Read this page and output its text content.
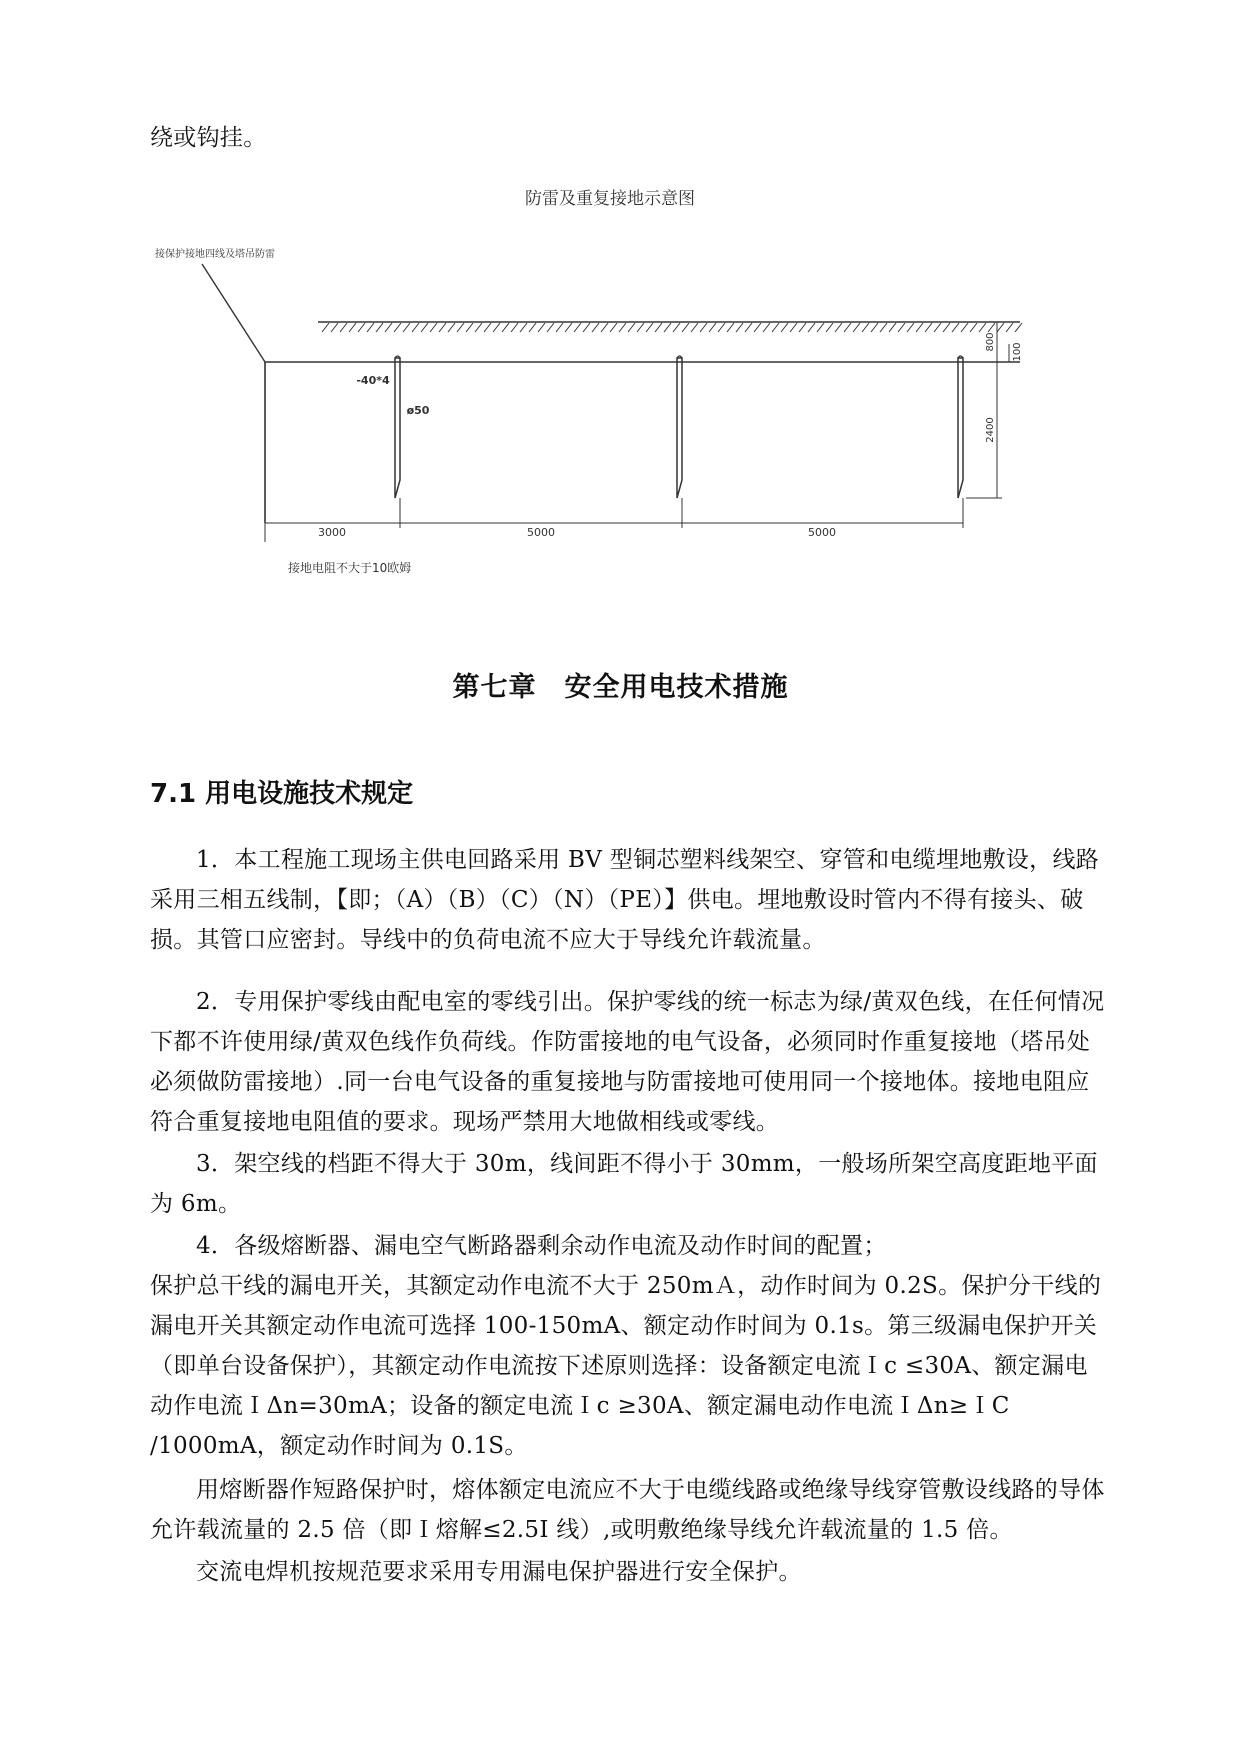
绕或钩挂。
防雷及重复接地示意图
接保护接地四线及塔吊防雷
-40*4
ø50
800
100
2400
3000	5000	5000
接地电阻不大于10欧姆
第七章　安全用电技术措施
7.1 用电设施技术规定
1．本工程施工现场主供电回路采用 BV 型铜芯塑料线架空、穿管和电缆埋地敷设，线路采用三相五线制，【即；（A）（B）（C）（N）（PE）】供电。埋地敷设时管内不得有接头、破损。其管口应密封。导线中的负荷电流不应大于导线允许载流量。
2．专用保护零线由配电室的零线引出。保护零线的统一标志为绿/黄双色线，在任何情况下都不许使用绿/黄双色线作负荷线。作防雷接地的电气设备，必须同时作重复接地（塔吊处必须做防雷接地）.同一台电气设备的重复接地与防雷接地可使用同一个接地体。接地电阻应符合重复接地电阻值的要求。现场严禁用大地做相线或零线。
3．架空线的档距不得大于 30m，线间距不得小于 30mm，一般场所架空高度距地平面为 6m。
4．各级熔断器、漏电空气断路器剩余动作电流及动作时间的配置；
保护总干线的漏电开关，其额定动作电流不大于 250mＡ，动作时间为 0.2S。保护分干线的漏电开关其额定动作电流可选择 100-150mA、额定动作时间为 0.1s。第三级漏电保护开关（即单台设备保护），其额定动作电流按下述原则选择：设备额定电流Ｉc ≤30A、额定漏电动作电流ＩΔn=30mA；设备的额定电流Ｉc ≥30A、额定漏电动作电流ＩΔn≥ＩC /1000mA，额定动作时间为 0.1S。
用熔断器作短路保护时，熔体额定电流应不大于电缆线路或绝缘导线穿管敷设线路的导体允许载流量的 2.5 倍（即Ｉ熔解≤2.5I 线）,或明敷绝缘导线允许载流量的 1.5 倍。
交流电焊机按规范要求采用专用漏电保护器进行安全保护。
